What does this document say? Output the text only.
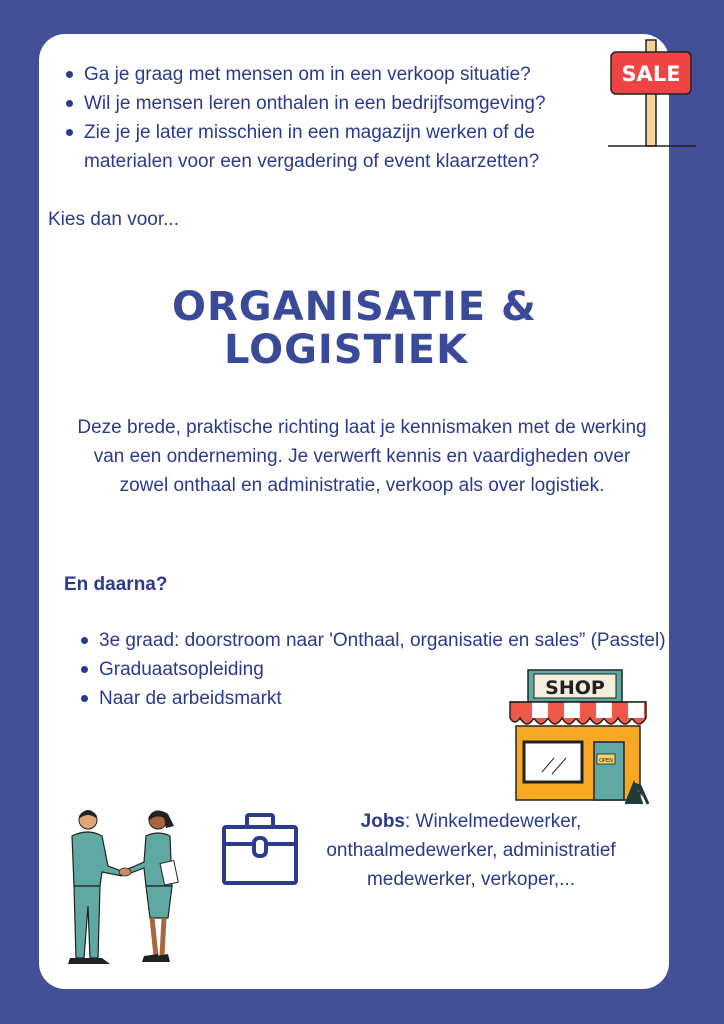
Ga je graag met mensen om in een verkoop situatie?
Wil je mensen leren onthalen in een bedrijfsomgeving?
Zie je je later misschien in een magazijn werken of de materialen voor een vergadering of event klaarzetten?
SALE
Kies dan voor...
ORGANISATIE &
LOGISTIEK
Deze brede, praktische richting laat je kennismaken met de werking van een onderneming. Je verwerft kennis en vaardigheden over zowel onthaal en administratie, verkoop als over logistiek.
En daarna?
3e graad: doorstroom naar 'Onthaal, organisatie en sales” (Passtel)
Graduaatsopleiding
Naar de arbeidsmarkt	SHOP
OPEN
Jobs: Winkelmedewerker, onthaalmedewerker, administratief medewerker, verkoper,...
